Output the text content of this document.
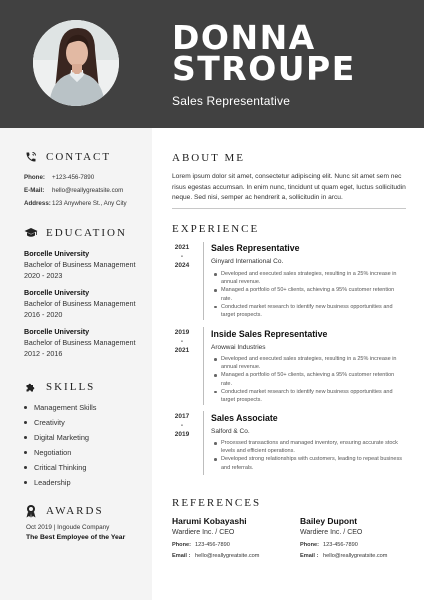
DONNA
STROUPE
Sales Representative
CONTACT
Phone: +123-456-7890
E-Mail: hello@reallygreatsite.com
Address:123 Anywhere St., Any City
EDUCATION
Borcelle University
Bachelor of Business Management
2020 - 2023
Borcelle University
Bachelor of Business Management
2016 - 2020
Borcelle University
Bachelor of Business Management
2012 - 2016
SKILLS
Management Skills
Creativity
Digital Marketing
Negotiation
Critical Thinking
Leadership
AWARDS
Oct 2019 | Ingoude Company
The Best Employee of the Year
ABOUT ME
Lorem ipsum dolor sit amet, consectetur adipiscing elit. Nunc sit amet sem nec risus egestas accumsan. In enim nunc, tincidunt ut quam eget, luctus sollicitudin neque. Sed nisi, semper ac hendrerit a, sollicitudin in arcu.
EXPERIENCE
2021
-
2024
Sales Representative
Ginyard International Co.
Developed and executed sales strategies, resulting in a 25% increase in annual revenue.
Managed a portfolio of 50+ clients, achieving a 95% customer retention rate.
Conducted market research to identify new business opportunities and target prospects.
2019
-
2021
Inside Sales Representative
Arowwai Industries
Developed and executed sales strategies, resulting in a 25% increase in annual revenue.
Managed a portfolio of 50+ clients, achieving a 95% customer retention rate.
Conducted market research to identify new business opportunities and target prospects.
2017
-
2019
Sales Associate
Salford & Co.
Processed transactions and managed inventory, ensuring accurate stock levels and efficient operations.
Developed strong relationships with customers, leading to repeat business and referrals.
REFERENCES
Harumi Kobayashi
Wardiere Inc. / CEO
Phone: 123-456-7890
Email : hello@reallygreatsite.com
Bailey Dupont
Wardiere Inc. / CEO
Phone: 123-456-7890
Email : hello@reallygreatsite.com
